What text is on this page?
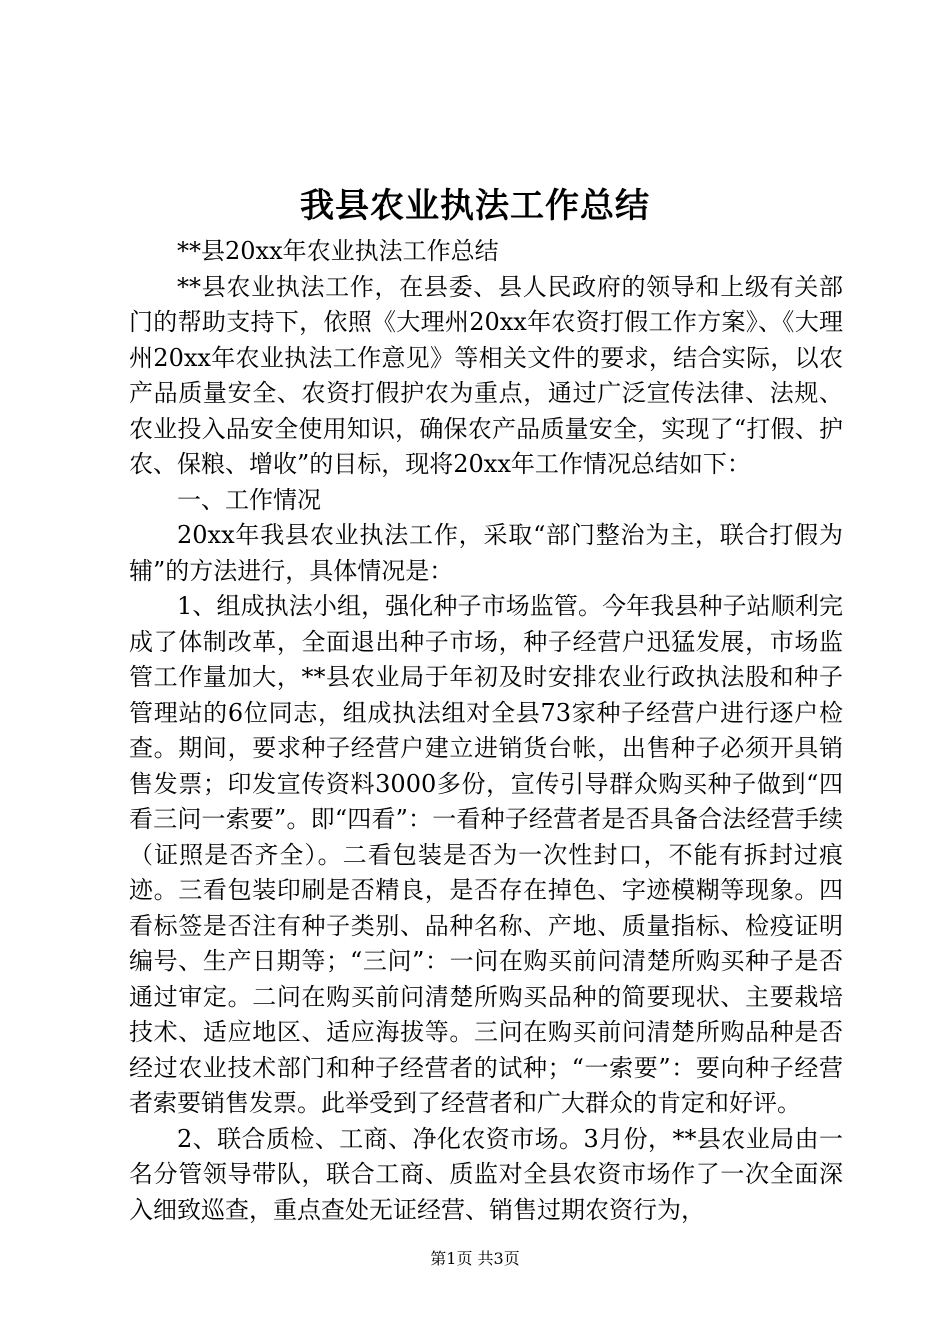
我县农业执法工作总结

**县20xx年农业执法工作总结

**县农业执法工作，在县委、县人民政府的领导和上级有关部门的帮助支持下，依照《大理州20xx年农资打假工作方案》、《大理州20xx年农业执法工作意见》等相关文件的要求，结合实际，以农产品质量安全、农资打假护农为重点，通过广泛宣传法律、法规、农业投入品安全使用知识，确保农产品质量安全，实现了“打假、护农、保粮、增收”的目标，现将20xx年工作情况总结如下：

一、工作情况

20xx年我县农业执法工作，采取“部门整治为主，联合打假为辅”的方法进行，具体情况是：

1、组成执法小组，强化种子市场监管。今年我县种子站顺利完成了体制改革，全面退出种子市场，种子经营户迅猛发展，市场监管工作量加大，**县农业局于年初及时安排农业行政执法股和种子管理站的6位同志，组成执法组对全县73家种子经营户进行逐户检查。期间，要求种子经营户建立进销货台帐，出售种子必须开具销售发票；印发宣传资料3000多份，宣传引导群众购买种子做到“四看三问一索要”。即“四看”：一看种子经营者是否具备合法经营手续（证照是否齐全）。二看包装是否为一次性封口，不能有拆封过痕迹。三看包装印刷是否精良，是否存在掉色、字迹模糊等现象。四看标签是否注有种子类别、品种名称、产地、质量指标、检疫证明编号、生产日期等；“三问”：一问在购买前问清楚所购买种子是否通过审定。二问在购买前问清楚所购买品种的简要现状、主要栽培技术、适应地区、适应海拔等。三问在购买前问清楚所购品种是否经过农业技术部门和种子经营者的试种；“一索要”：要向种子经营者索要销售发票。此举受到了经营者和广大群众的肯定和好评。

2、联合质检、工商、净化农资市场。3月份，**县农业局由一名分管领导带队，联合工商、质监对全县农资市场作了一次全面深入细致巡查，重点查处无证经营、销售过期农资行为，

第1页 共3页
